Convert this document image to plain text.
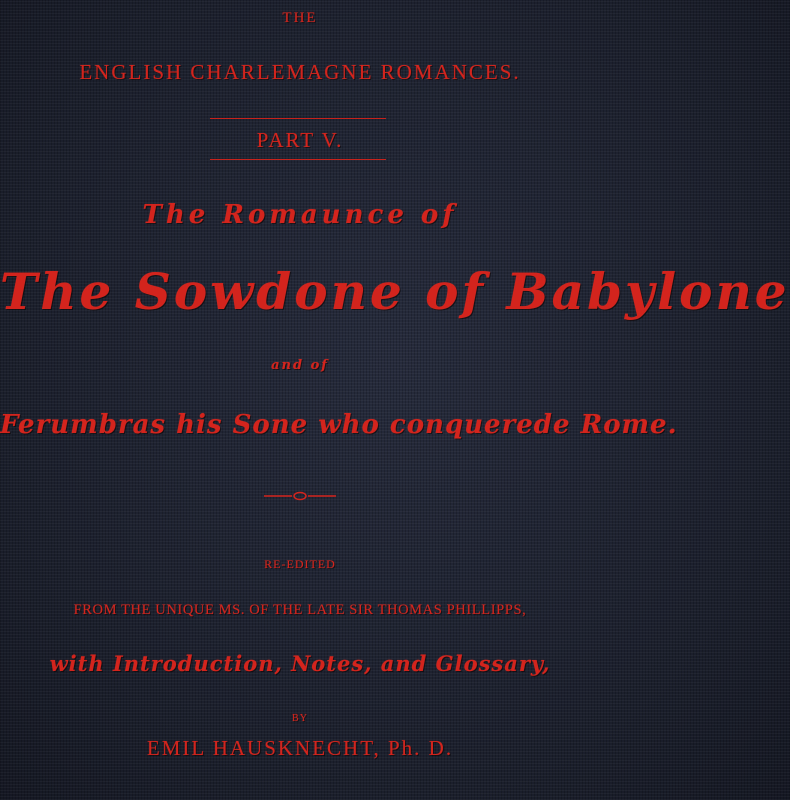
THE
ENGLISH CHARLEMAGNE ROMANCES.
PART V.
The Romaunce of
The Sowdone of Babylone
and of
Ferumbras his Sone who conquerede Rome.
RE-EDITED
FROM THE UNIQUE MS. OF THE LATE SIR THOMAS PHILLIPPS,
with Introduction, Notes, and Glossary,
BY
EMIL HAUSKNECHT, Ph. D.
